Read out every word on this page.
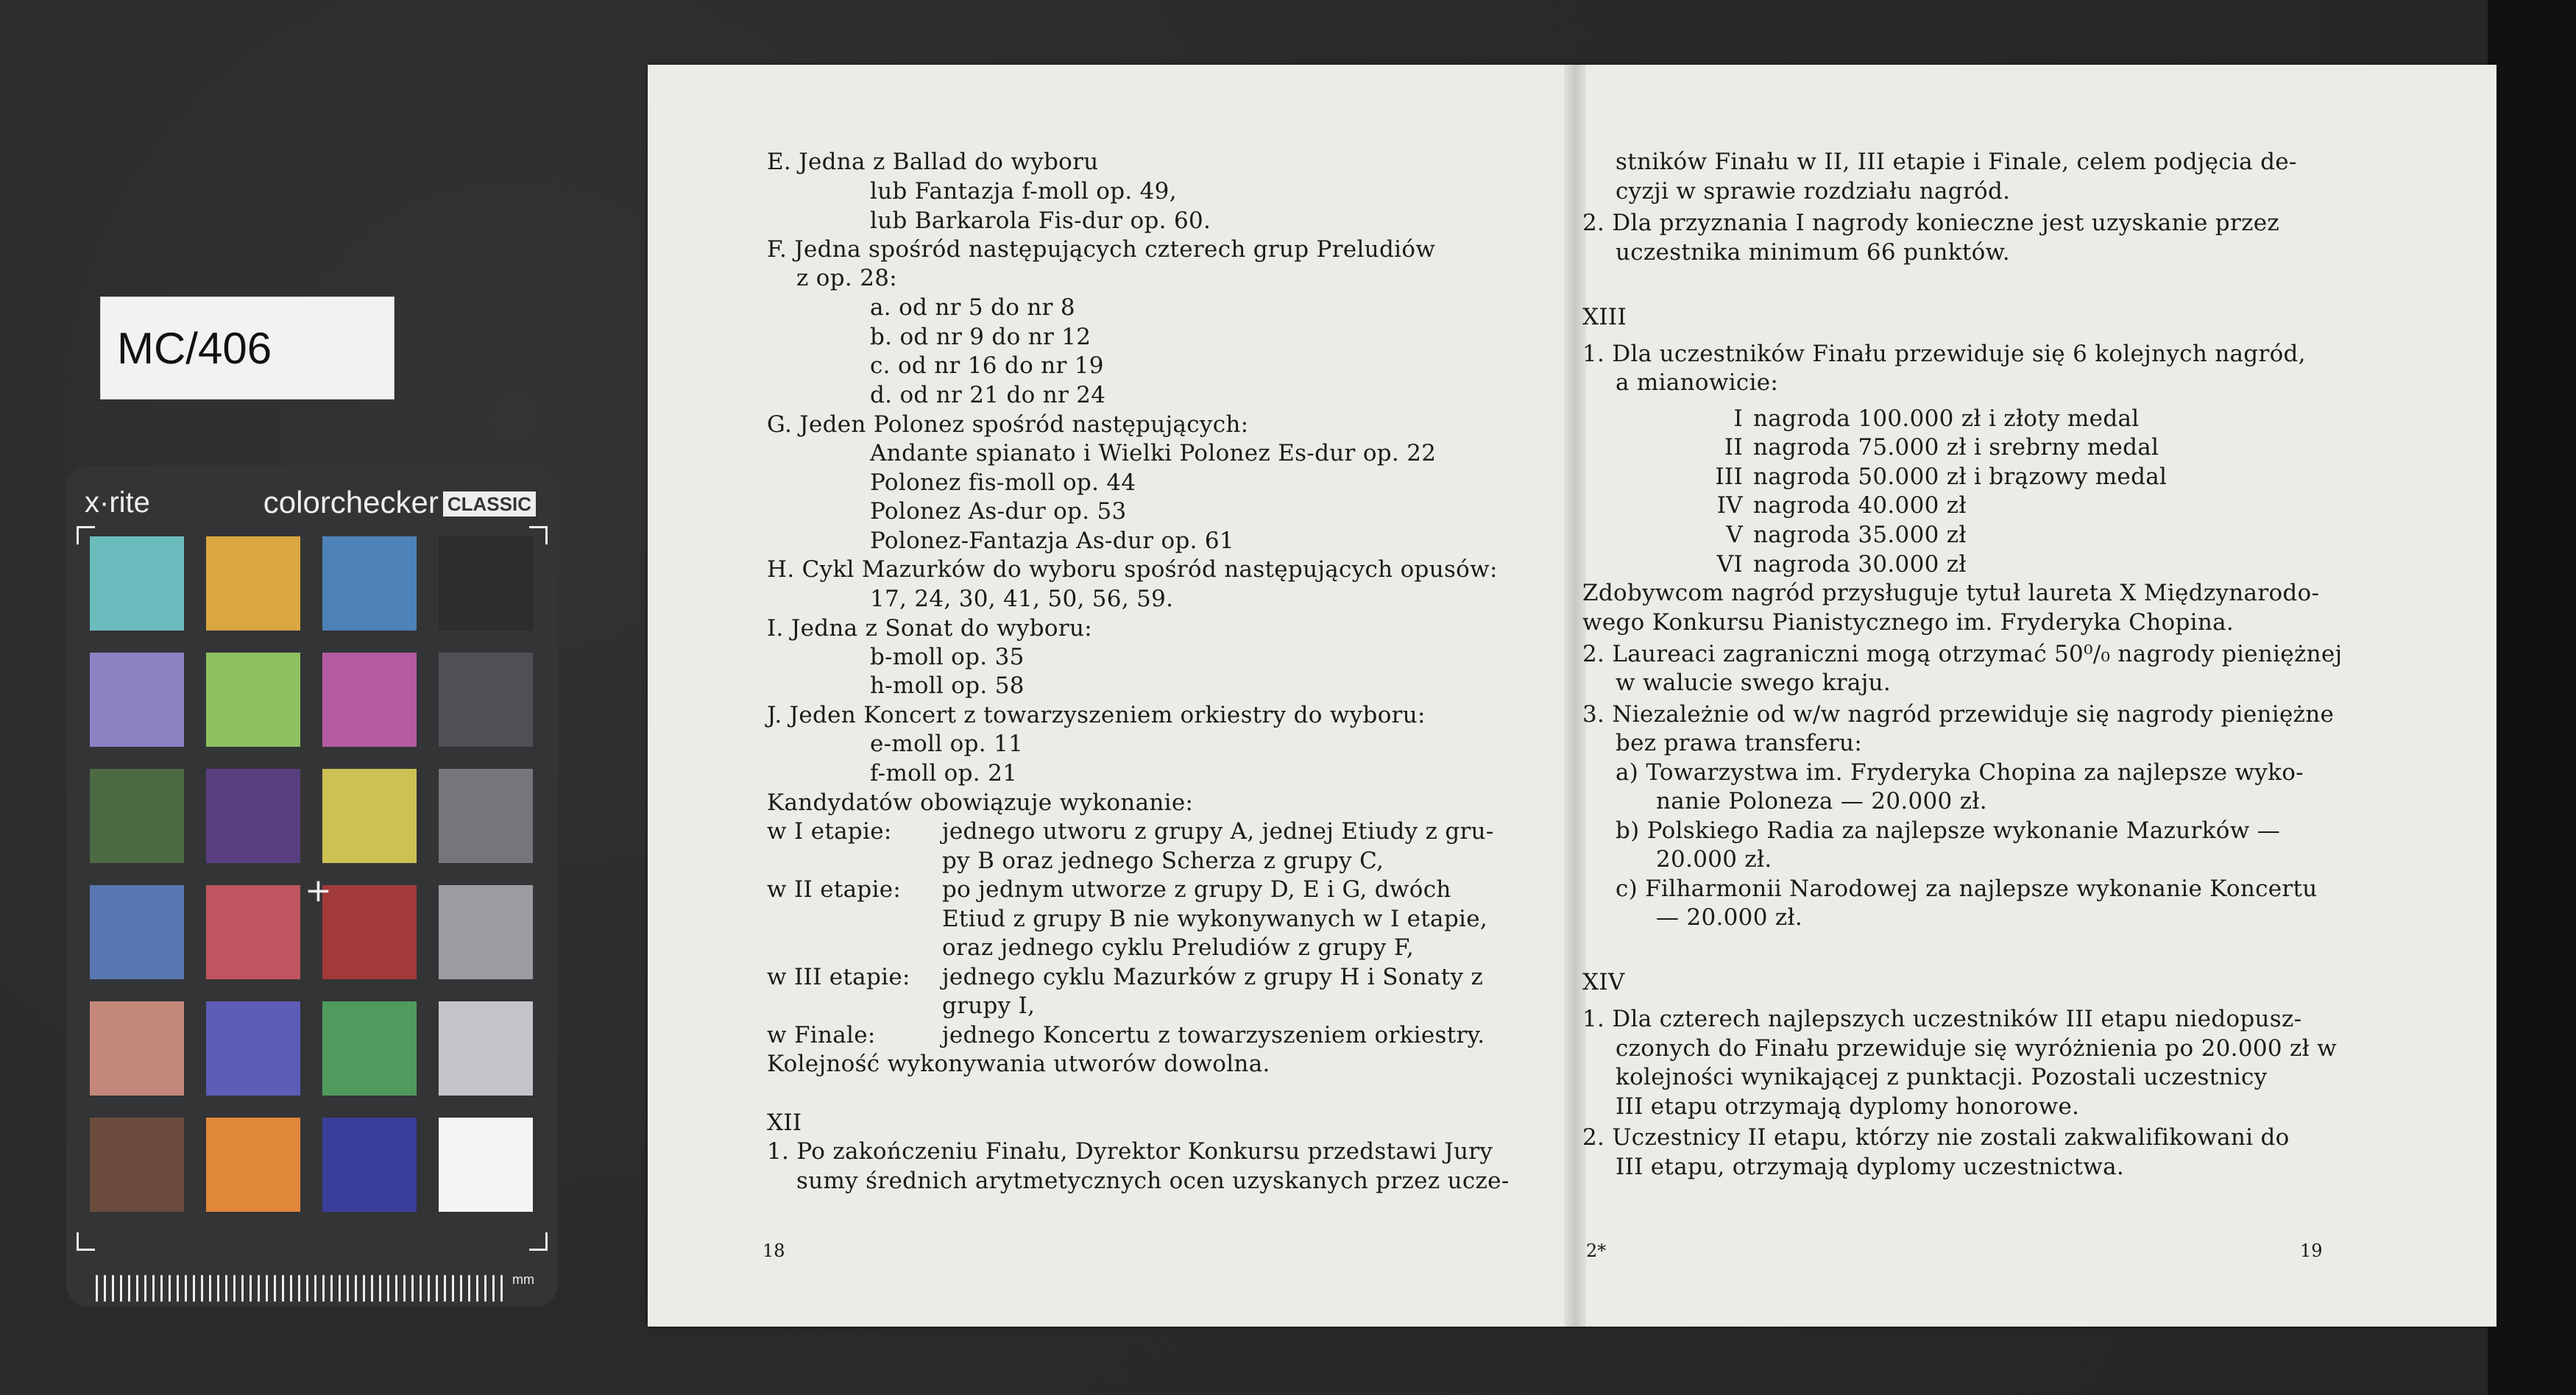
MC/406
x·rite	colorchecker CLASSIC
+
mm
E. Jedna z Ballad do wyboru
lub Fantazja f-moll op. 49,
lub Barkarola Fis-dur op. 60.
F. Jedna spośród następujących czterech grup Preludiów
z op. 28:
a. od nr 5 do nr 8
b. od nr 9 do nr 12
c. od nr 16 do nr 19
d. od nr 21 do nr 24
G. Jeden Polonez spośród następujących:
Andante spianato i Wielki Polonez Es-dur op. 22
Polonez fis-moll op. 44
Polonez As-dur op. 53
Polonez-Fantazja As-dur op. 61
H. Cykl Mazurków do wyboru spośród następujących opusów:
17, 24, 30, 41, 50, 56, 59.
I. Jedna z Sonat do wyboru:
b-moll op. 35
h-moll op. 58
J. Jeden Koncert z towarzyszeniem orkiestry do wyboru:
e-moll op. 11
f-moll op. 21
Kandydatów obowiązuje wykonanie:
w I etapie: jednego utworu z grupy A, jednej Etiudy z gru-
py B oraz jednego Scherza z grupy C,
w II etapie: po jednym utworze z grupy D, E i G, dwóch
Etiud z grupy B nie wykonywanych w I etapie,
oraz jednego cyklu Preludiów z grupy F,
w III etapie: jednego cyklu Mazurków z grupy H i Sonaty z
grupy I,
w Finale:	jednego Koncertu z towarzyszeniem orkiestry.
Kolejność wykonywania utworów dowolna.
XII
1. Po zakończeniu Finału, Dyrektor Konkursu przedstawi Jury
sumy średnich arytmetycznych ocen uzyskanych przez ucze-
18
stników Finału w II, III etapie i Finale, celem podjęcia de-
cyzji w sprawie rozdziału nagród.
2. Dla przyznania I nagrody konieczne jest uzyskanie przez
uczestnika minimum 66 punktów.
XIII
1. Dla uczestników Finału przewiduje się 6 kolejnych nagród,
a mianowicie:
I nagroda 100.000 zł i złoty medal
II nagroda 75.000 zł i srebrny medal
III nagroda 50.000 zł i brązowy medal
IV nagroda 40.000 zł
V nagroda 35.000 zł
VI nagroda 30.000 zł
Zdobywcom nagród przysługuje tytuł laureta X Międzynarodo-
wego Konkursu Pianistycznego im. Fryderyka Chopina.
2. Laureaci zagraniczni mogą otrzymać 50⁰/₀ nagrody pieniężnej
w walucie swego kraju.
3. Niezależnie od w/w nagród przewiduje się nagrody pieniężne
bez prawa transferu:
a) Towarzystwa im. Fryderyka Chopina za najlepsze wyko-
nanie Poloneza — 20.000 zł.
b) Polskiego Radia za najlepsze wykonanie Mazurków —
20.000 zł.
c) Filharmonii Narodowej za najlepsze wykonanie Koncertu
— 20.000 zł.
XIV
1. Dla czterech najlepszych uczestników III etapu niedopusz-
czonych do Finału przewiduje się wyróżnienia po 20.000 zł w
kolejności wynikającej z punktacji. Pozostali uczestnicy
III etapu otrzymają dyplomy honorowe.
2. Uczestnicy II etapu, którzy nie zostali zakwalifikowani do
III etapu, otrzymają dyplomy uczestnictwa.
2*	19
